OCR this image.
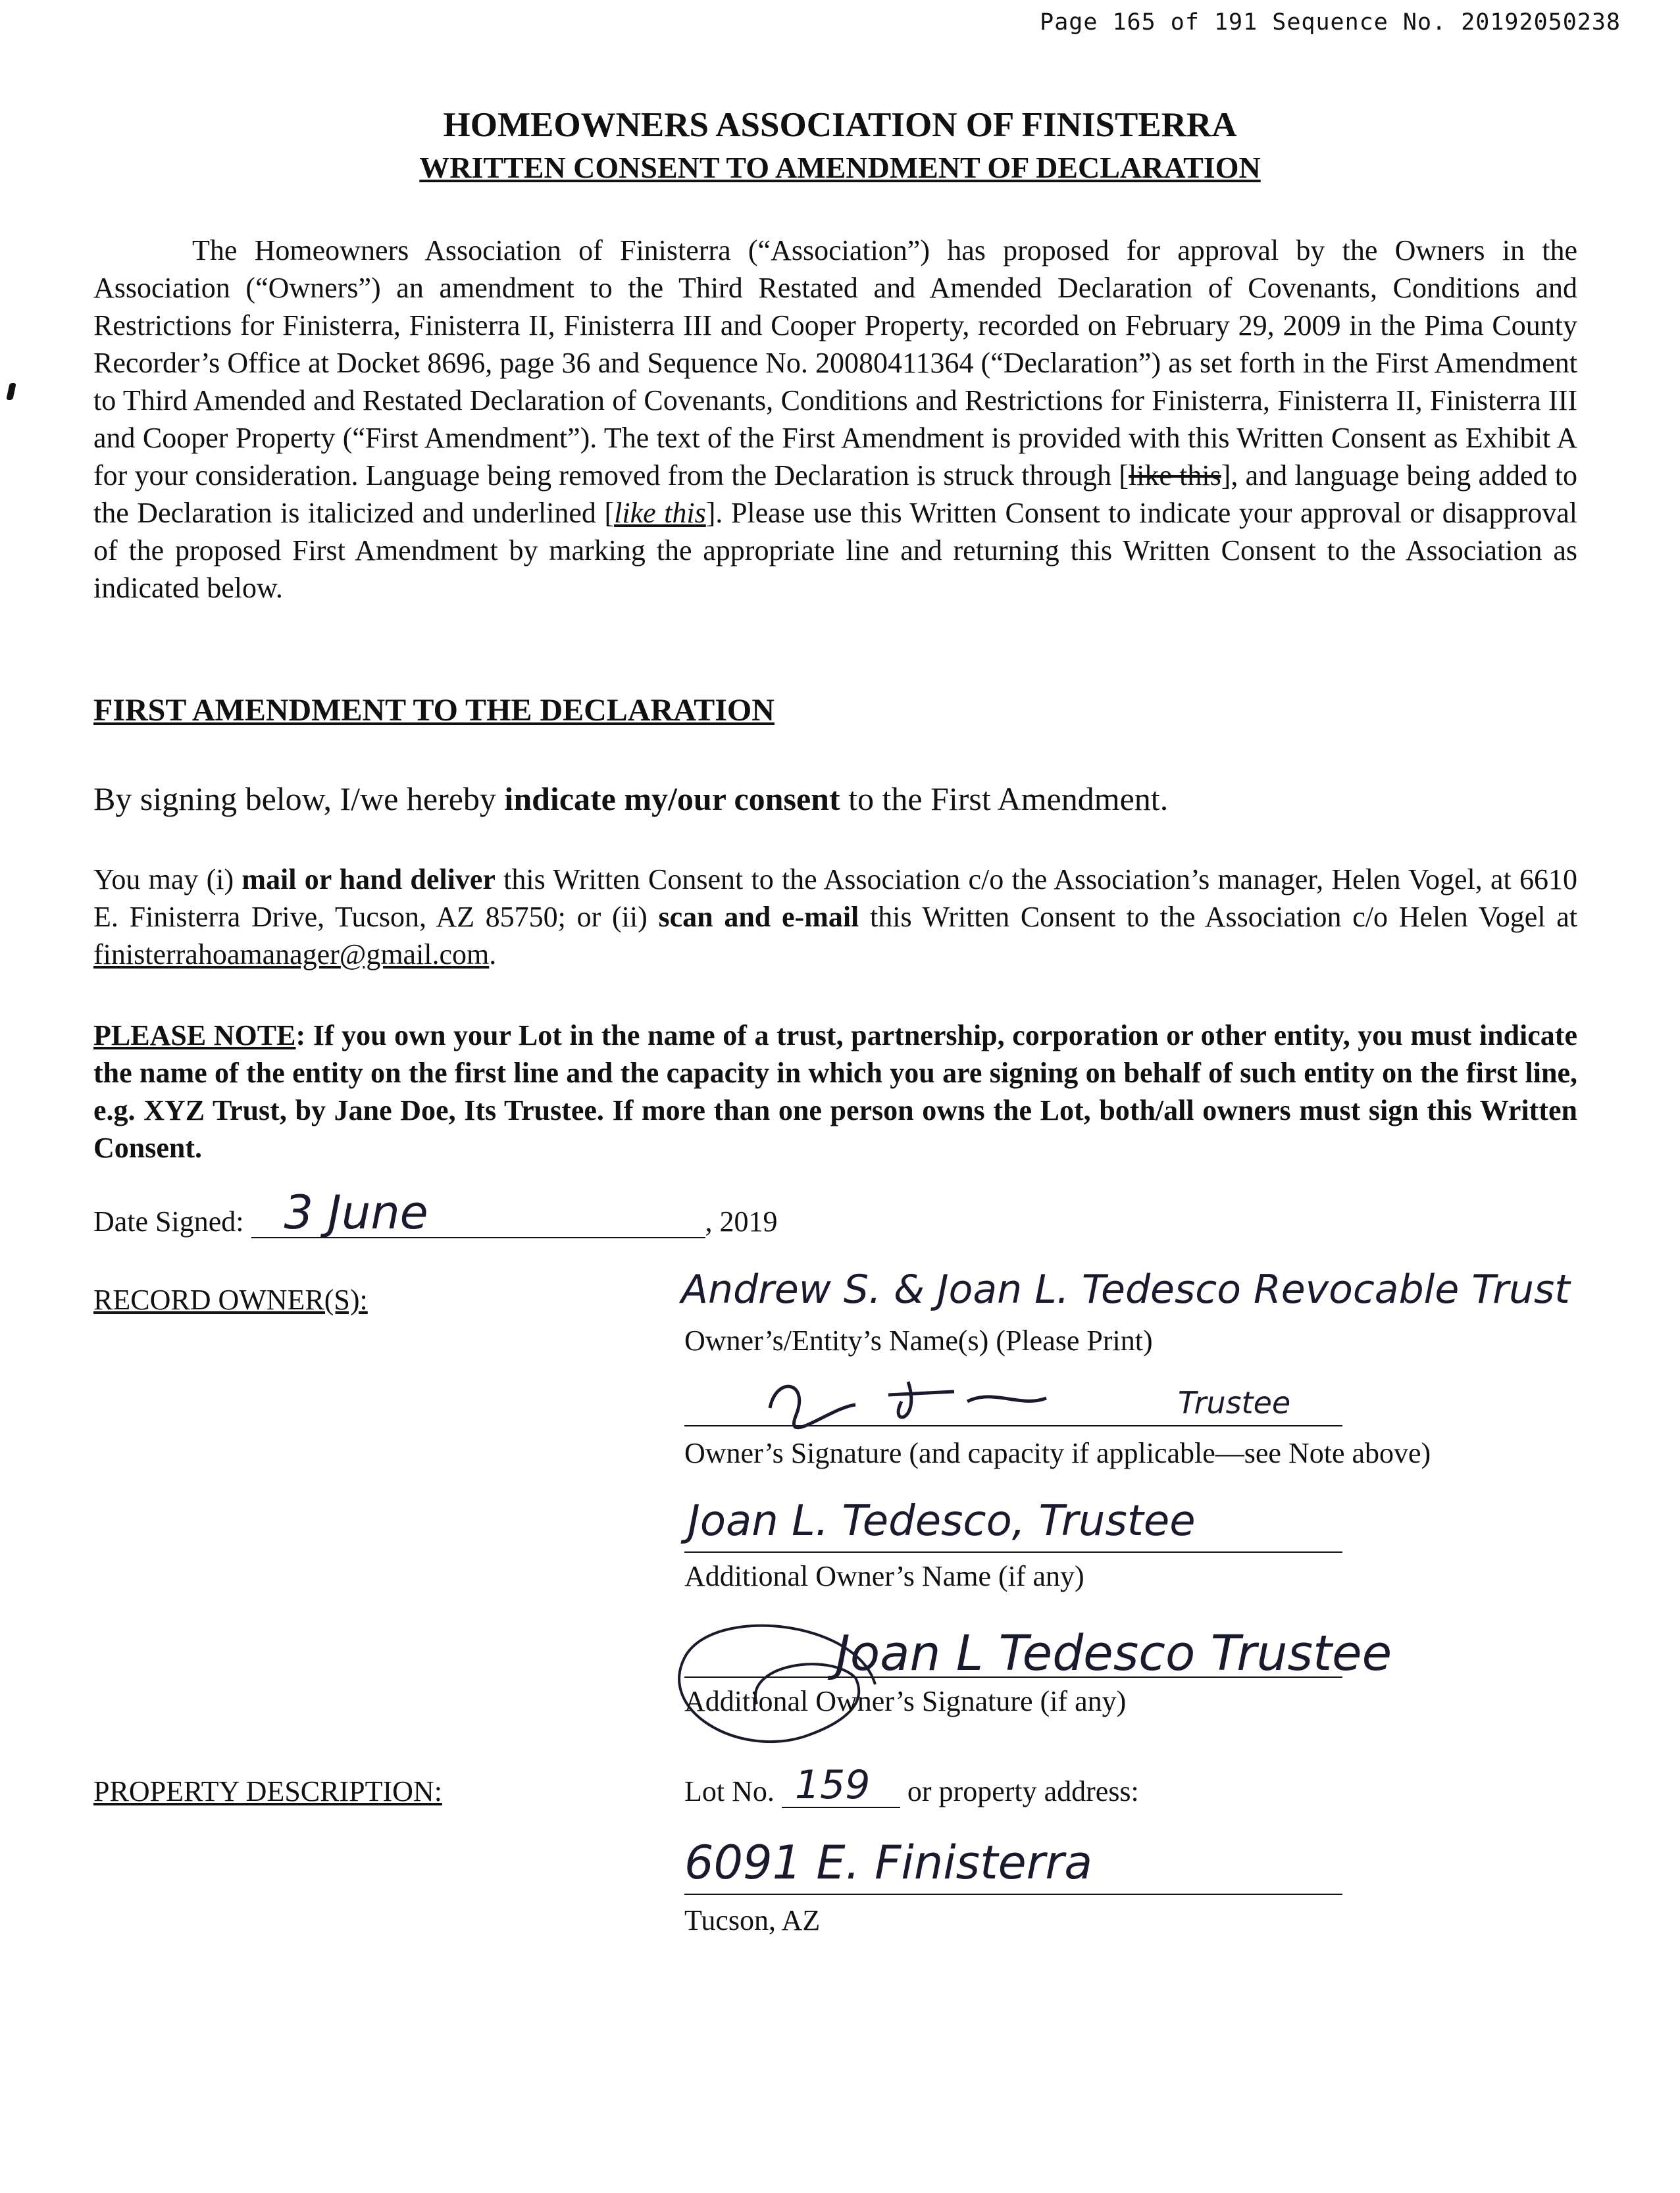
Page 165 of 191 Sequence No. 20192050238
HOMEOWNERS ASSOCIATION OF FINISTERRA
WRITTEN CONSENT TO AMENDMENT OF DECLARATION

The Homeowners Association of Finisterra (“Association”) has proposed for approval by the Owners in the Association (“Owners”) an amendment to the Third Restated and Amended Declaration of Covenants, Conditions and Restrictions for Finisterra, Finisterra II, Finisterra III and Cooper Property, recorded on February 29, 2009 in the Pima County Recorder’s Office at Docket 8696, page 36 and Sequence No. 20080411364 (“Declaration”) as set forth in the First Amendment to Third Amended and Restated Declaration of Covenants, Conditions and Restrictions for Finisterra, Finisterra II, Finisterra III and Cooper Property (“First Amendment”). The text of the First Amendment is provided with this Written Consent as Exhibit A for your consideration. Language being removed from the Declaration is struck through [like this], and language being added to the Declaration is italicized and underlined [like this]. Please use this Written Consent to indicate your approval or disapproval of the proposed First Amendment by marking the appropriate line and returning this Written Consent to the Association as indicated below.

FIRST AMENDMENT TO THE DECLARATION
By signing below, I/we hereby indicate my/our consent to the First Amendment.

You may (i) mail or hand deliver this Written Consent to the Association c/o the Association’s manager, Helen Vogel, at 6610 E. Finisterra Drive, Tucson, AZ 85750; or (ii) scan and e-mail this Written Consent to the Association c/o Helen Vogel at finisterrahoamanager@gmail.com.

PLEASE NOTE: If you own your Lot in the name of a trust, partnership, corporation or other entity, you must indicate the name of the entity on the first line and the capacity in which you are signing on behalf of such entity on the first line, e.g. XYZ Trust, by Jane Doe, Its Trustee. If more than one person owns the Lot, both/all owners must sign this Written Consent.

Date Signed: 3 June	, 2019
RECORD OWNER(S):	Andrew S. & Joan L. Tedesco Revocable Trust
Owner’s/Entity’s Name(s) (Please Print)
Trustee
Owner’s Signature (and capacity if applicable—see Note above)
Joan L. Tedesco, Trustee
Additional Owner’s Name (if any)
Joan L Tedesco Trustee
Additional Owner’s Signature (if any)
PROPERTY DESCRIPTION:	Lot No. 159 or property address:
6091 E. Finisterra
Tucson, AZ
